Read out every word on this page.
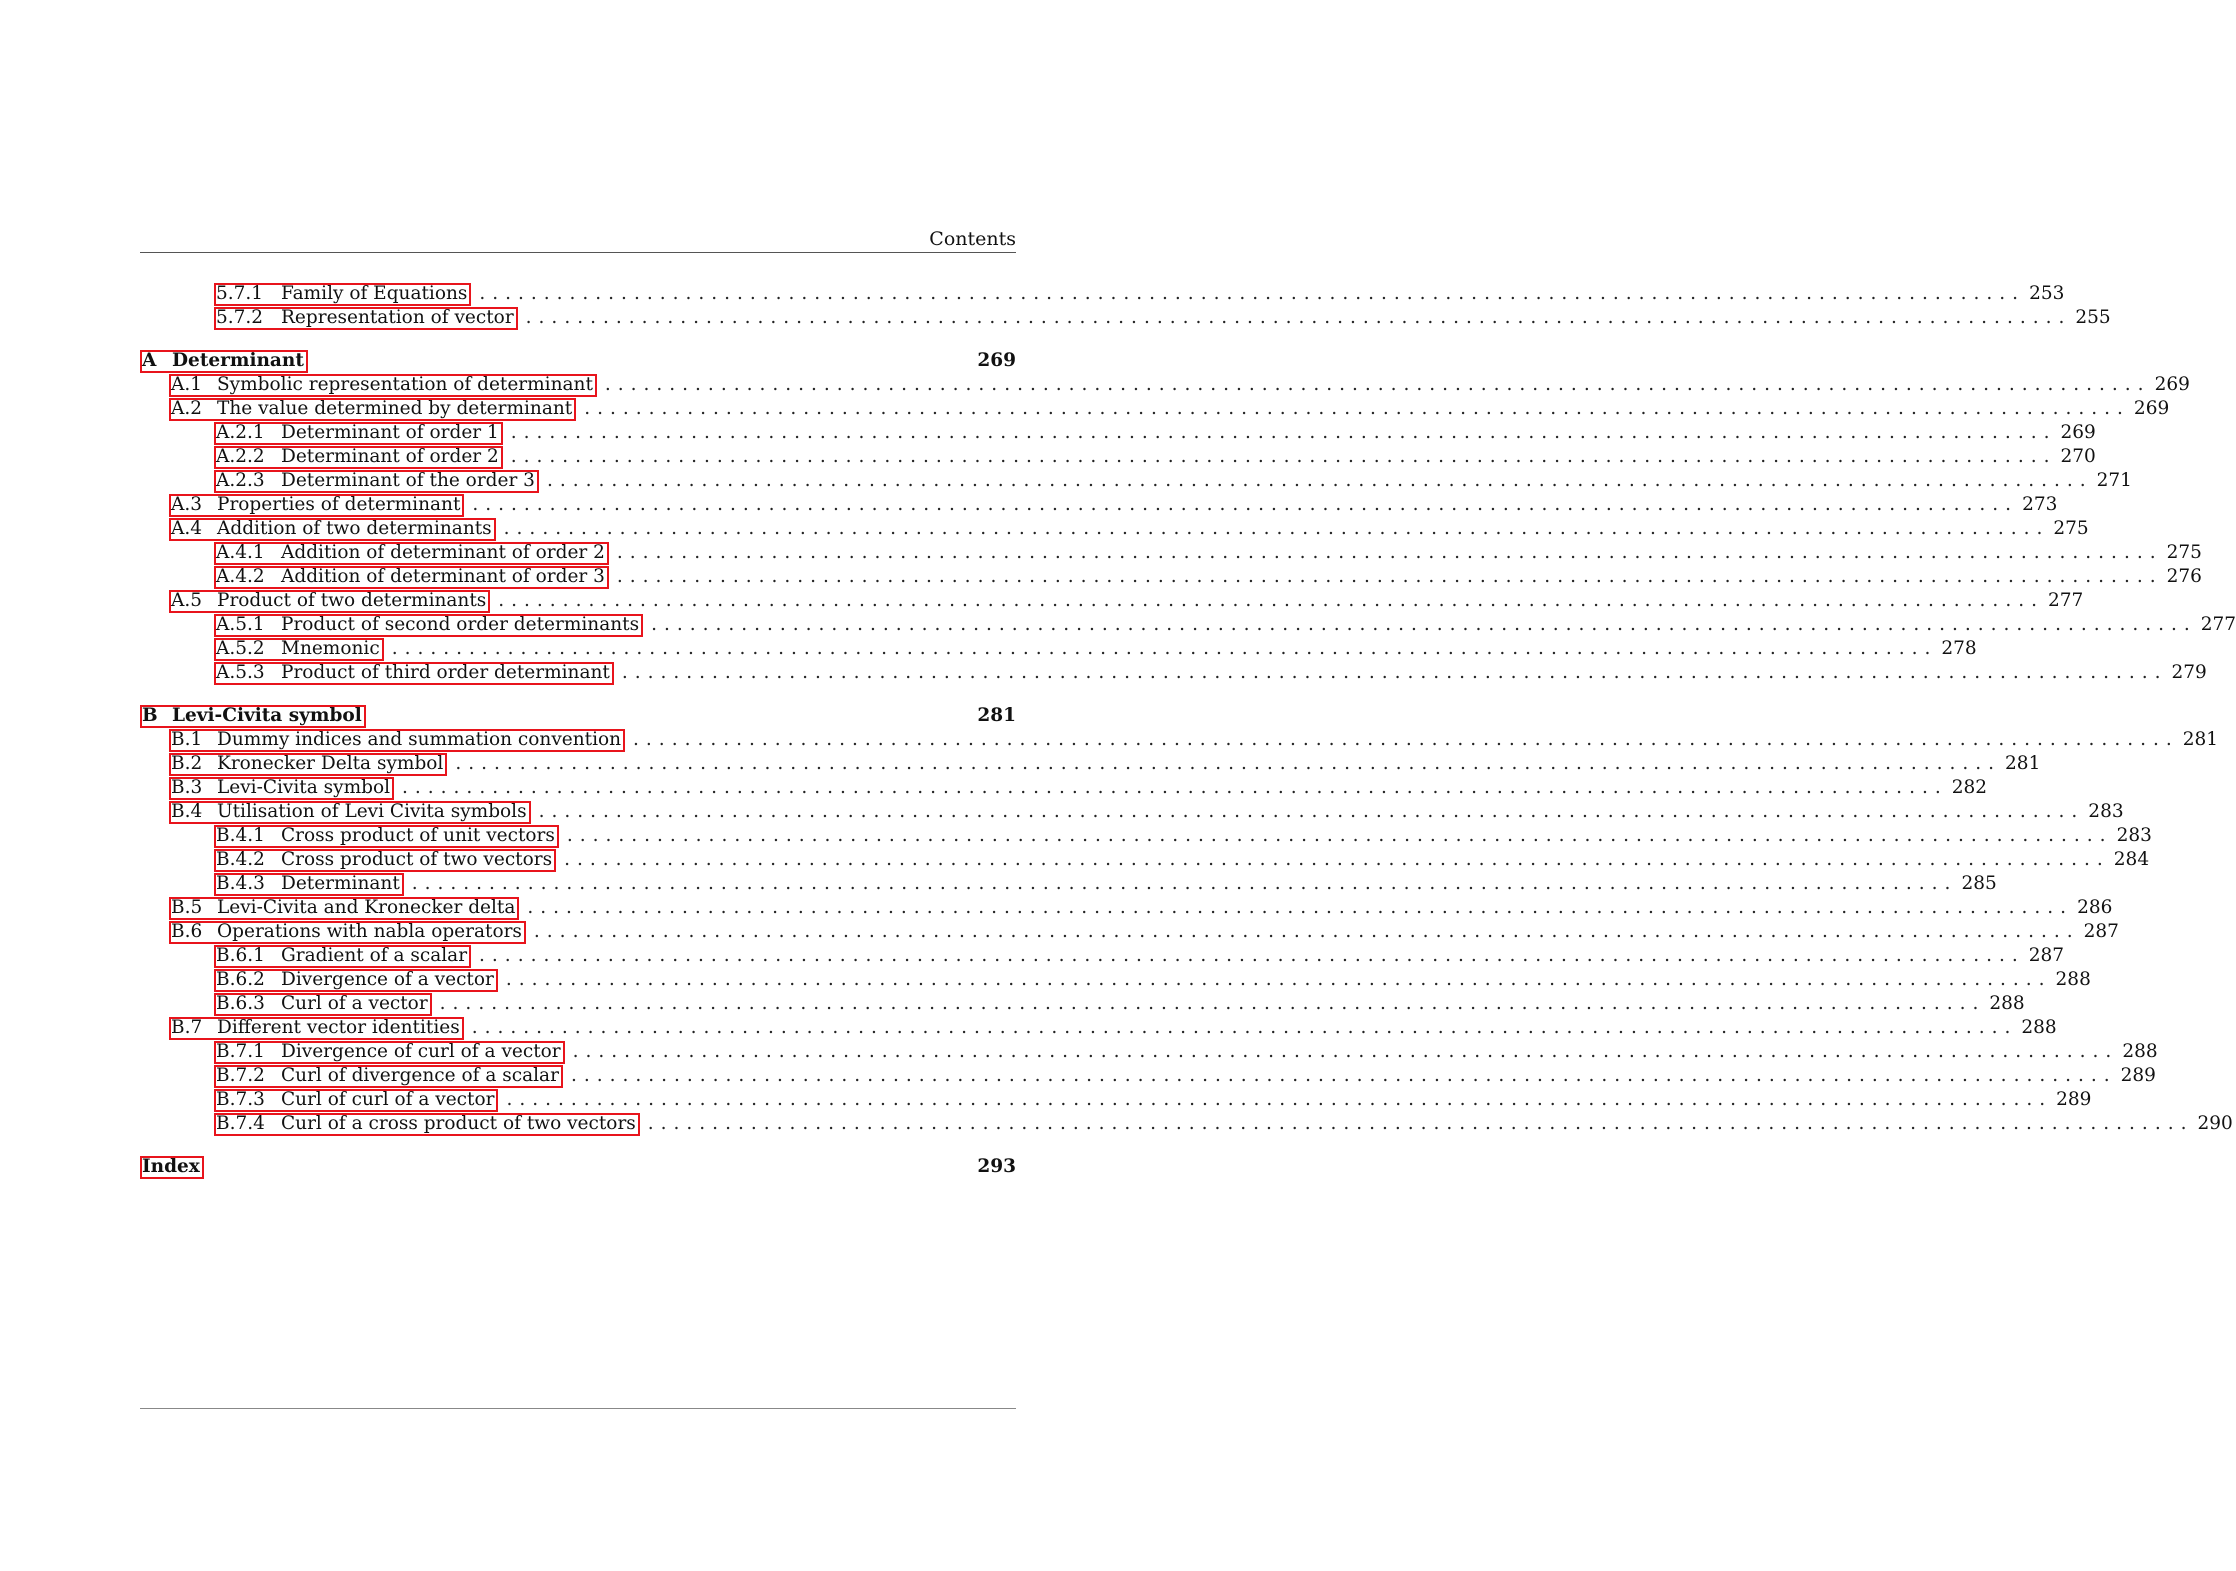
Contents
5.7.1 Family of Equations ........................................................................................................................ 253
5.7.2 Representation of vector ........................................................................................................................ 255
A Determinant	269
A.1 Symbolic representation of determinant ........................................................................................................................ 269
A.2 The value determined by determinant ........................................................................................................................ 269
A.2.1 Determinant of order 1 ........................................................................................................................ 269
A.2.2 Determinant of order 2 ........................................................................................................................ 270
A.2.3 Determinant of the order 3 ........................................................................................................................ 271
A.3 Properties of determinant ........................................................................................................................ 273
A.4 Addition of two determinants ........................................................................................................................ 275
A.4.1 Addition of determinant of order 2 ........................................................................................................................ 275
A.4.2 Addition of determinant of order 3 ........................................................................................................................ 276
A.5 Product of two determinants ........................................................................................................................ 277
A.5.1 Product of second order determinants ........................................................................................................................ 277
A.5.2 Mnemonic ........................................................................................................................ 278
A.5.3 Product of third order determinant ........................................................................................................................ 279
B Levi-Civita symbol	281
B.1 Dummy indices and summation convention ........................................................................................................................ 281
B.2 Kronecker Delta symbol ........................................................................................................................ 281
B.3 Levi-Civita symbol ........................................................................................................................ 282
B.4 Utilisation of Levi Civita symbols ........................................................................................................................ 283
B.4.1 Cross product of unit vectors ........................................................................................................................ 283
B.4.2 Cross product of two vectors ........................................................................................................................ 284
B.4.3 Determinant ........................................................................................................................ 285
B.5 Levi-Civita and Kronecker delta ........................................................................................................................ 286
B.6 Operations with nabla operators ........................................................................................................................ 287
B.6.1 Gradient of a scalar ........................................................................................................................ 287
B.6.2 Divergence of a vector ........................................................................................................................ 288
B.6.3 Curl of a vector ........................................................................................................................ 288
B.7 Different vector identities ........................................................................................................................ 288
B.7.1 Divergence of curl of a vector ........................................................................................................................ 288
B.7.2 Curl of divergence of a scalar ........................................................................................................................ 289
B.7.3 Curl of curl of a vector ........................................................................................................................ 289
B.7.4 Curl of a cross product of two vectors ........................................................................................................................ 290
Index	293
